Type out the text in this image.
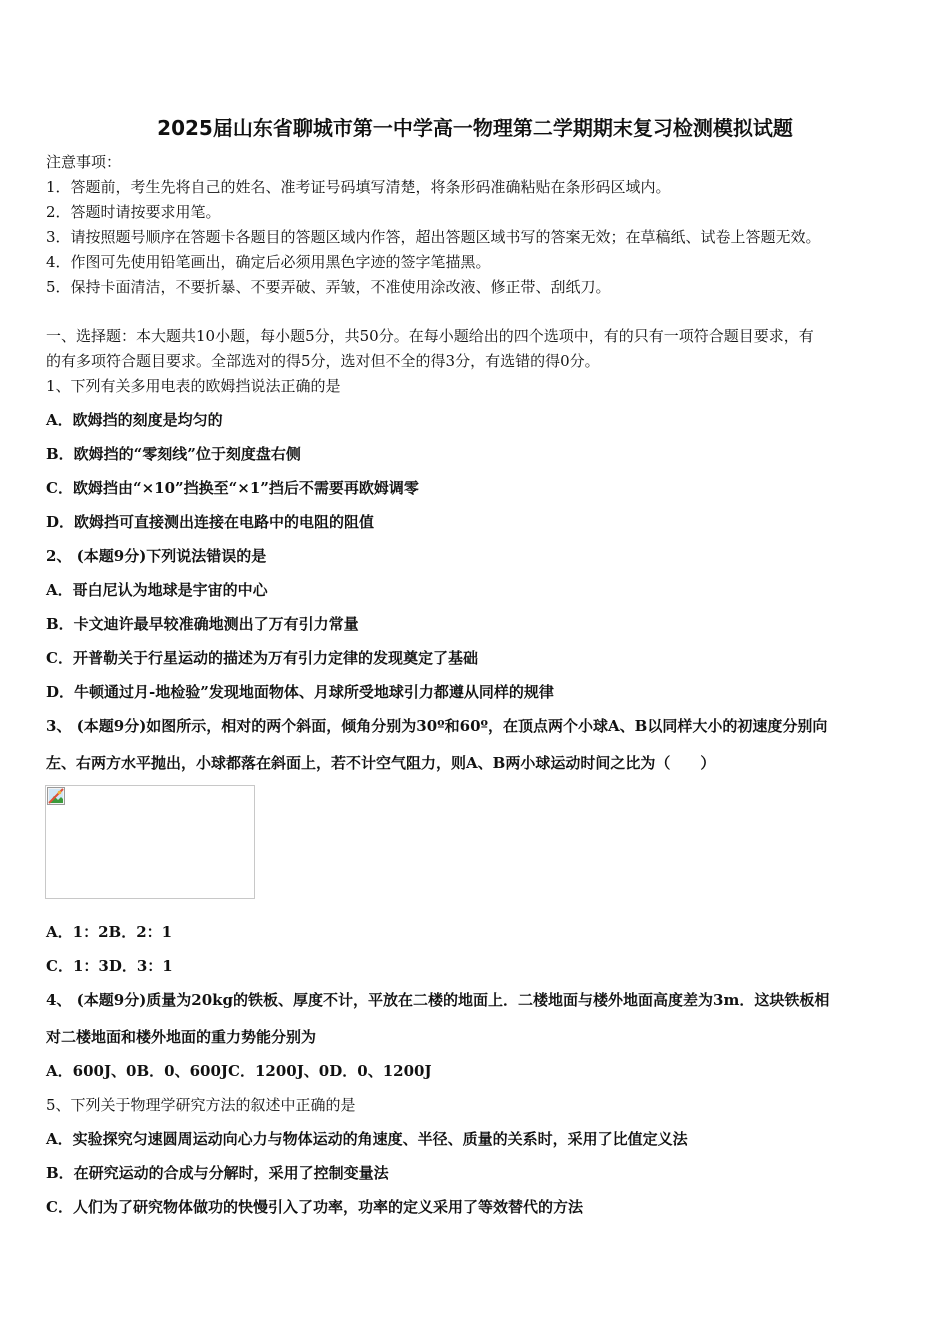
2025届山东省聊城市第一中学高一物理第二学期期末复习检测模拟试题
注意事项：
1．答题前，考生先将自己的姓名、准考证号码填写清楚，将条形码准确粘贴在条形码区域内。
2．答题时请按要求用笔。
3．请按照题号顺序在答题卡各题目的答题区域内作答，超出答题区域书写的答案无效；在草稿纸、试卷上答题无效。
4．作图可先使用铅笔画出，确定后必须用黑色字迹的签字笔描黑。
5．保持卡面清洁，不要折暴、不要弄破、弄皱，不准使用涂改液、修正带、刮纸刀。
一、选择题：本大题共10小题，每小题5分，共50分。在每小题给出的四个选项中，有的只有一项符合题目要求，有
的有多项符合题目要求。全部选对的得5分，选对但不全的得3分，有选错的得0分。
1、下列有关多用电表的欧姆挡说法正确的是
A．欧姆挡的刻度是均匀的
B．欧姆挡的“零刻线”位于刻度盘右侧
C．欧姆挡由“×10”挡换至“×1”挡后不需要再欧姆调零
D．欧姆挡可直接测出连接在电路中的电阻的阻值
2、 (本题9分)下列说法错误的是
A．哥白尼认为地球是宇宙的中心
B．卡文迪许最早较准确地测出了万有引力常量
C．开普勒关于行星运动的描述为万有引力定律的发现奠定了基础
D．牛顿通过月-地检验”发现地面物体、月球所受地球引力都遵从同样的规律
3、 (本题9分)如图所示，相对的两个斜面，倾角分别为30º和60º，在顶点两个小球A、B以同样大小的初速度分别向
左、右两方水平抛出，小球都落在斜面上，若不计空气阻力，则A、B两小球运动时间之比为（　　）
A．1：2B．2：1
C．1：3D．3：1
4、 (本题9分)质量为20kg的铁板、厚度不计，平放在二楼的地面上．二楼地面与楼外地面高度差为3m．这块铁板相
对二楼地面和楼外地面的重力势能分别为
A．600J、0B．0、600JC．1200J、0D．0、1200J
5、下列关于物理学研究方法的叙述中正确的是
A．实验探究匀速圆周运动向心力与物体运动的角速度、半径、质量的关系时，采用了比值定义法
B．在研究运动的合成与分解时，采用了控制变量法
C．人们为了研究物体做功的快慢引入了功率，功率的定义采用了等效替代的方法
